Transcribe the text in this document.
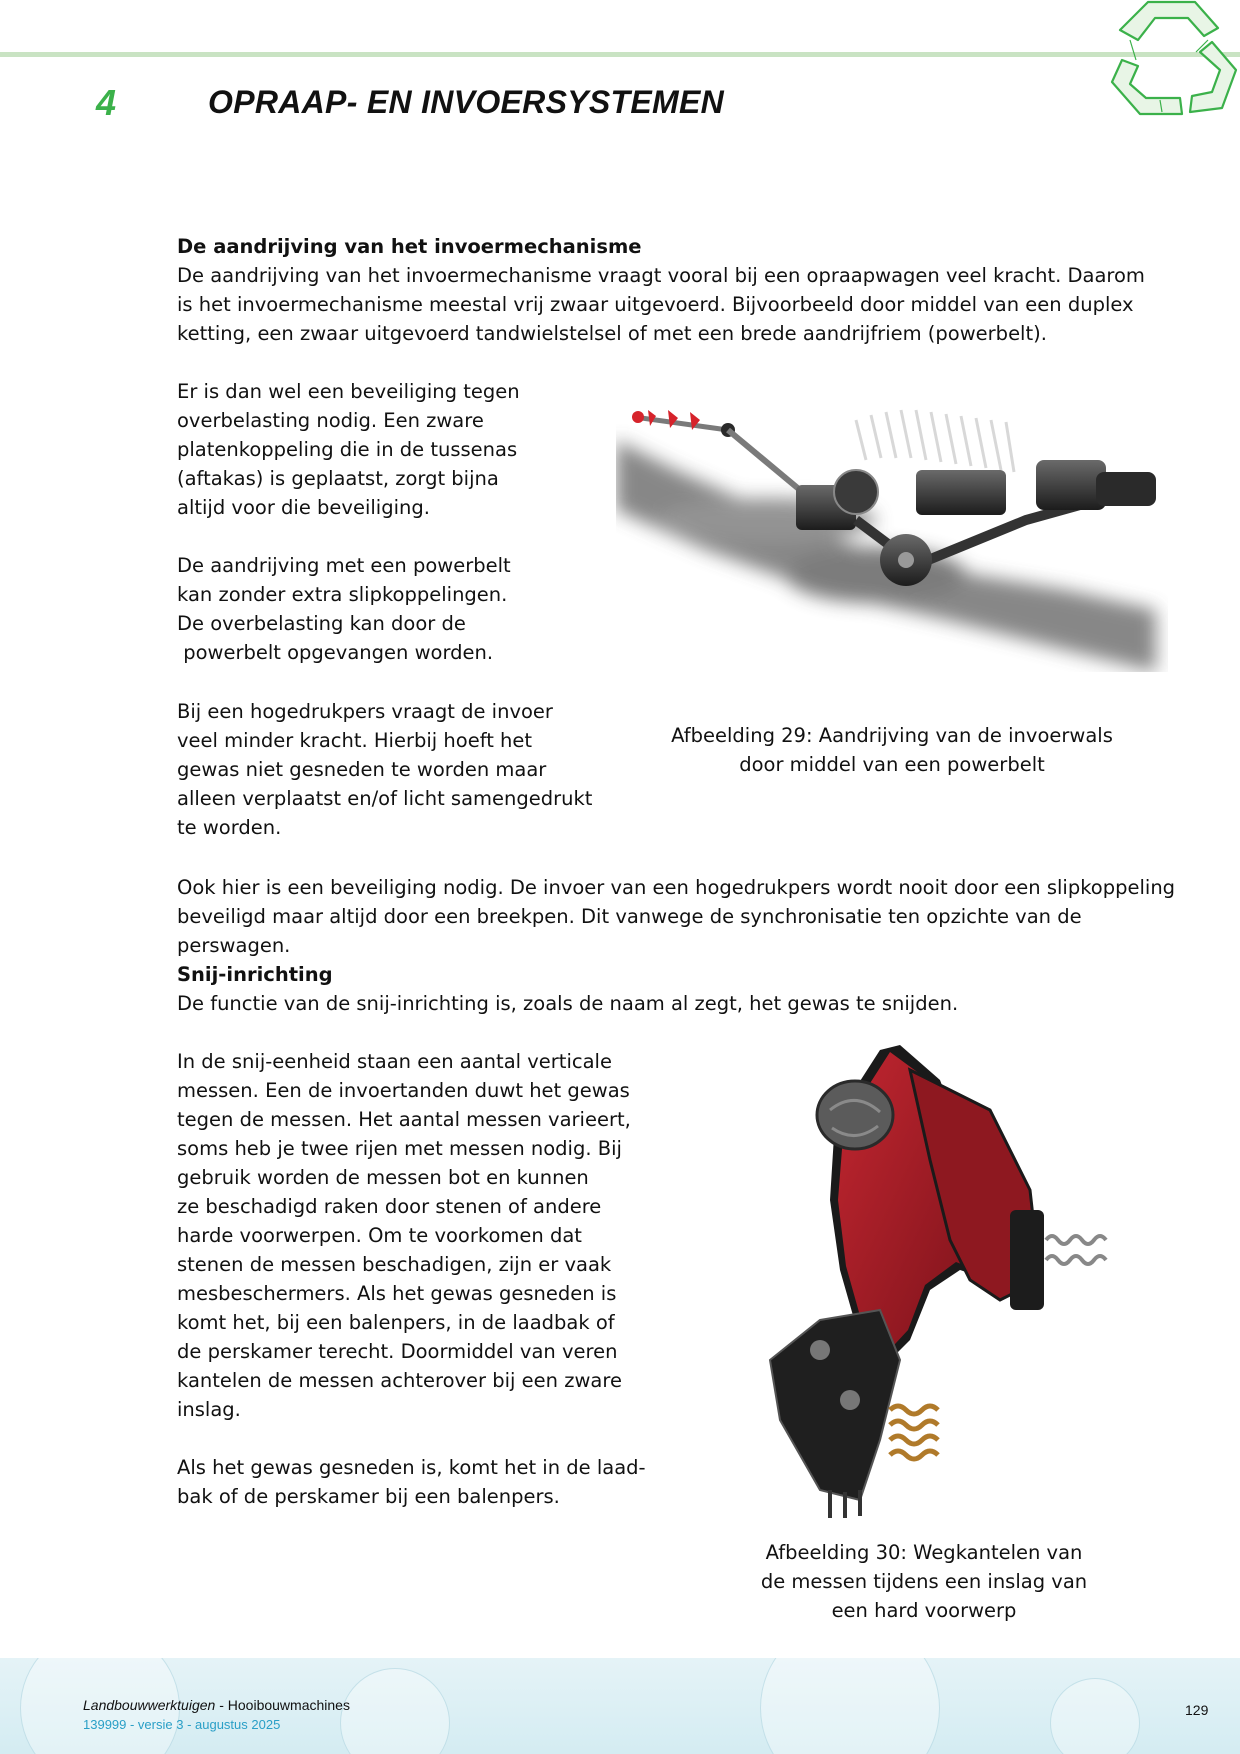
4	OPRAAP- EN INVOERSYSTEMEN
De aandrijving van het invoermechanisme
De aandrijving van het invoermechanisme vraagt vooral bij een opraapwagen veel kracht. Daarom
is het invoermechanisme meestal vrij zwaar uitgevoerd. Bijvoorbeeld door middel van een duplex
ketting, een zwaar uitgevoerd tandwielstelsel of met een brede aandrijfriem (powerbelt).
Er is dan wel een beveiliging tegen
overbelasting nodig. Een zware
platenkoppeling die in de tussenas
(aftakas) is geplaatst, zorgt bijna
altijd voor die beveiliging.
De aandrijving met een powerbelt
kan zonder extra slipkoppelingen.
De overbelasting kan door de
powerbelt opgevangen worden.
Bij een hogedrukpers vraagt de invoer
veel minder kracht. Hierbij hoeft het
gewas niet gesneden te worden maar
alleen verplaatst en/of licht samengedrukt
te worden.
Afbeelding 29: Aandrijving van de invoerwals
door middel van een powerbelt
Ook hier is een beveiliging nodig. De invoer van een hogedrukpers wordt nooit door een slipkoppeling
beveiligd maar altijd door een breekpen. Dit vanwege de synchronisatie ten opzichte van de perswagen.
Snij-inrichting
De functie van de snij-inrichting is, zoals de naam al zegt, het gewas te snijden.
In de snij-eenheid staan een aantal verticale
messen. Een de invoertanden duwt het gewas
tegen de messen. Het aantal messen varieert,
soms heb je twee rijen met messen nodig. Bij
gebruik worden de messen bot en kunnen
ze beschadigd raken door stenen of andere
harde voorwerpen. Om te voorkomen dat
stenen de messen beschadigen, zijn er vaak
mesbeschermers. Als het gewas gesneden is
komt het, bij een balenpers, in de laadbak of
de perskamer terecht. Doormiddel van veren
kantelen de messen achterover bij een zware
inslag.
Als het gewas gesneden is, komt het in de laad-
bak of de perskamer bij een balenpers.
Afbeelding 30: Wegkantelen van
de messen tijdens een inslag van
een hard voorwerp
Landbouwwerktuigen - Hooibouwmachines
139999 - versie 3 - augustus 2025
129
